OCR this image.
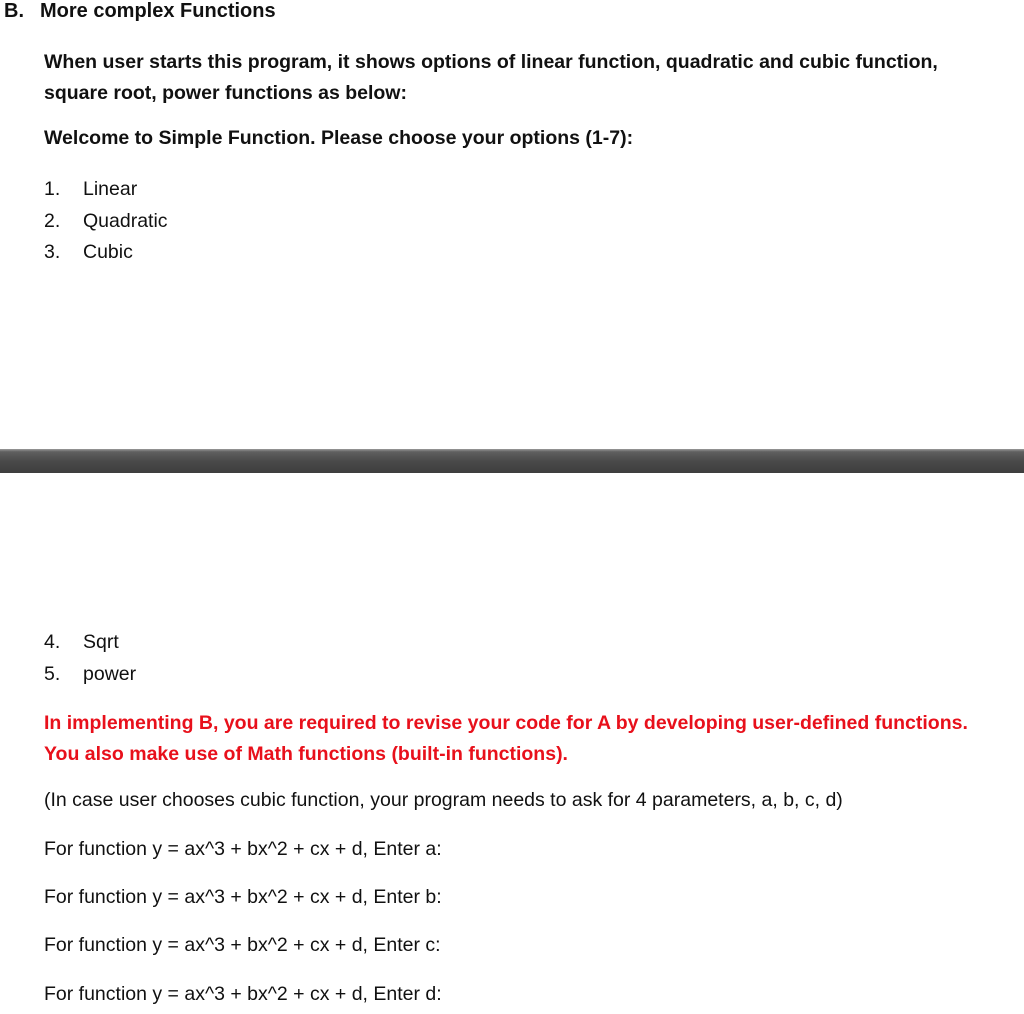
B. More complex Functions
When user starts this program, it shows options of linear function, quadratic and cubic function,
square root, power functions as below:
Welcome to Simple Function. Please choose your options (1-7):
1. Linear
2. Quadratic
3. Cubic
4. Sqrt
5. power
In implementing B, you are required to revise your code for A by developing user-defined functions.
You also make use of Math functions (built-in functions).
(In case user chooses cubic function, your program needs to ask for 4 parameters, a, b, c, d)
For function y = ax^3 + bx^2 + cx + d, Enter a:
For function y = ax^3 + bx^2 + cx + d, Enter b:
For function y = ax^3 + bx^2 + cx + d, Enter c:
For function y = ax^3 + bx^2 + cx + d, Enter d:
